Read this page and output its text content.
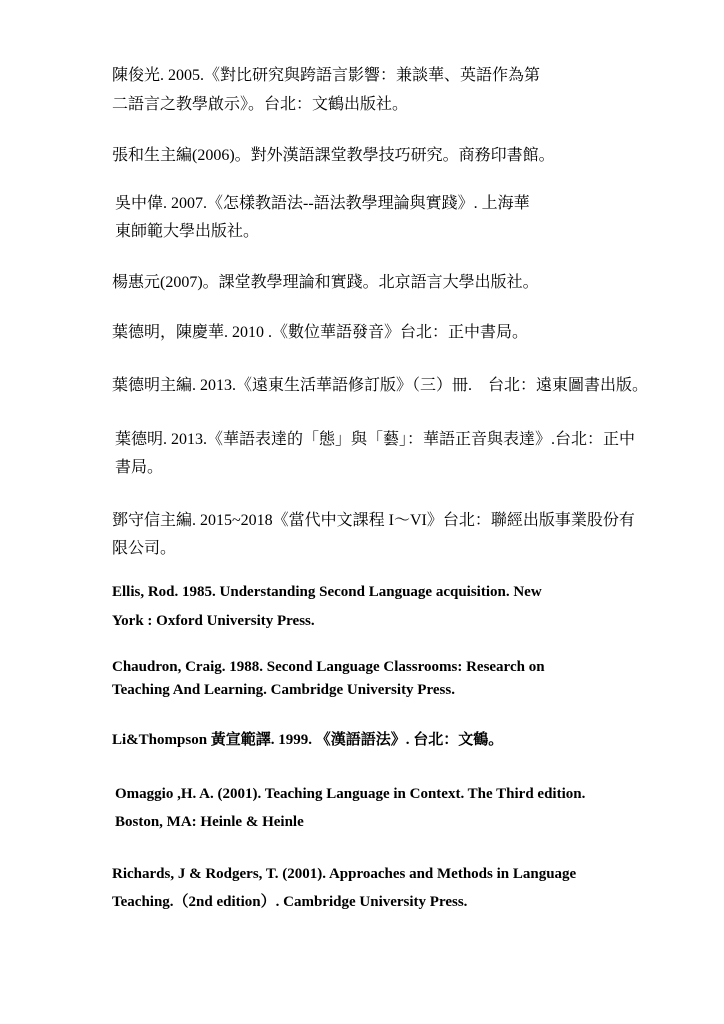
陳俊光. 2005.《對比研究與跨語言影響：兼談華、英語作為第
二語言之教學啟示》。台北：文鶴出版社。
張和生主編(2006)。對外漢語課堂教學技巧研究。商務印書館。
吳中偉. 2007.《怎樣教語法--語法教學理論與實踐》. 上海華
東師範大學出版社。
楊惠元(2007)。課堂教學理論和實踐。北京語言大學出版社。
葉德明，陳慶華. 2010 .《數位華語發音》台北：正中書局。
葉德明主編. 2013.《遠東生活華語修訂版》（三）冊.　台北：遠東圖書出版。
葉德明. 2013.《華語表達的「態」與「藝」：華語正音與表達》.台北：正中
書局。
鄧守信主編. 2015~2018《當代中文課程 I～VI》台北：聯經出版事業股份有
限公司。
Ellis, Rod. 1985. Understanding Second Language acquisition. New
York : Oxford University Press.
Chaudron, Craig. 1988. Second Language Classrooms: Research on
Teaching And Learning. Cambridge University Press.
Li&Thompson 黃宣範譯. 1999. 《漢語語法》. 台北：文鶴。
Omaggio ,H. A. (2001). Teaching Language in Context. The Third edition.
Boston, MA: Heinle & Heinle
Richards, J & Rodgers, T. (2001). Approaches and Methods in Language
Teaching.（2nd edition）. Cambridge University Press.
